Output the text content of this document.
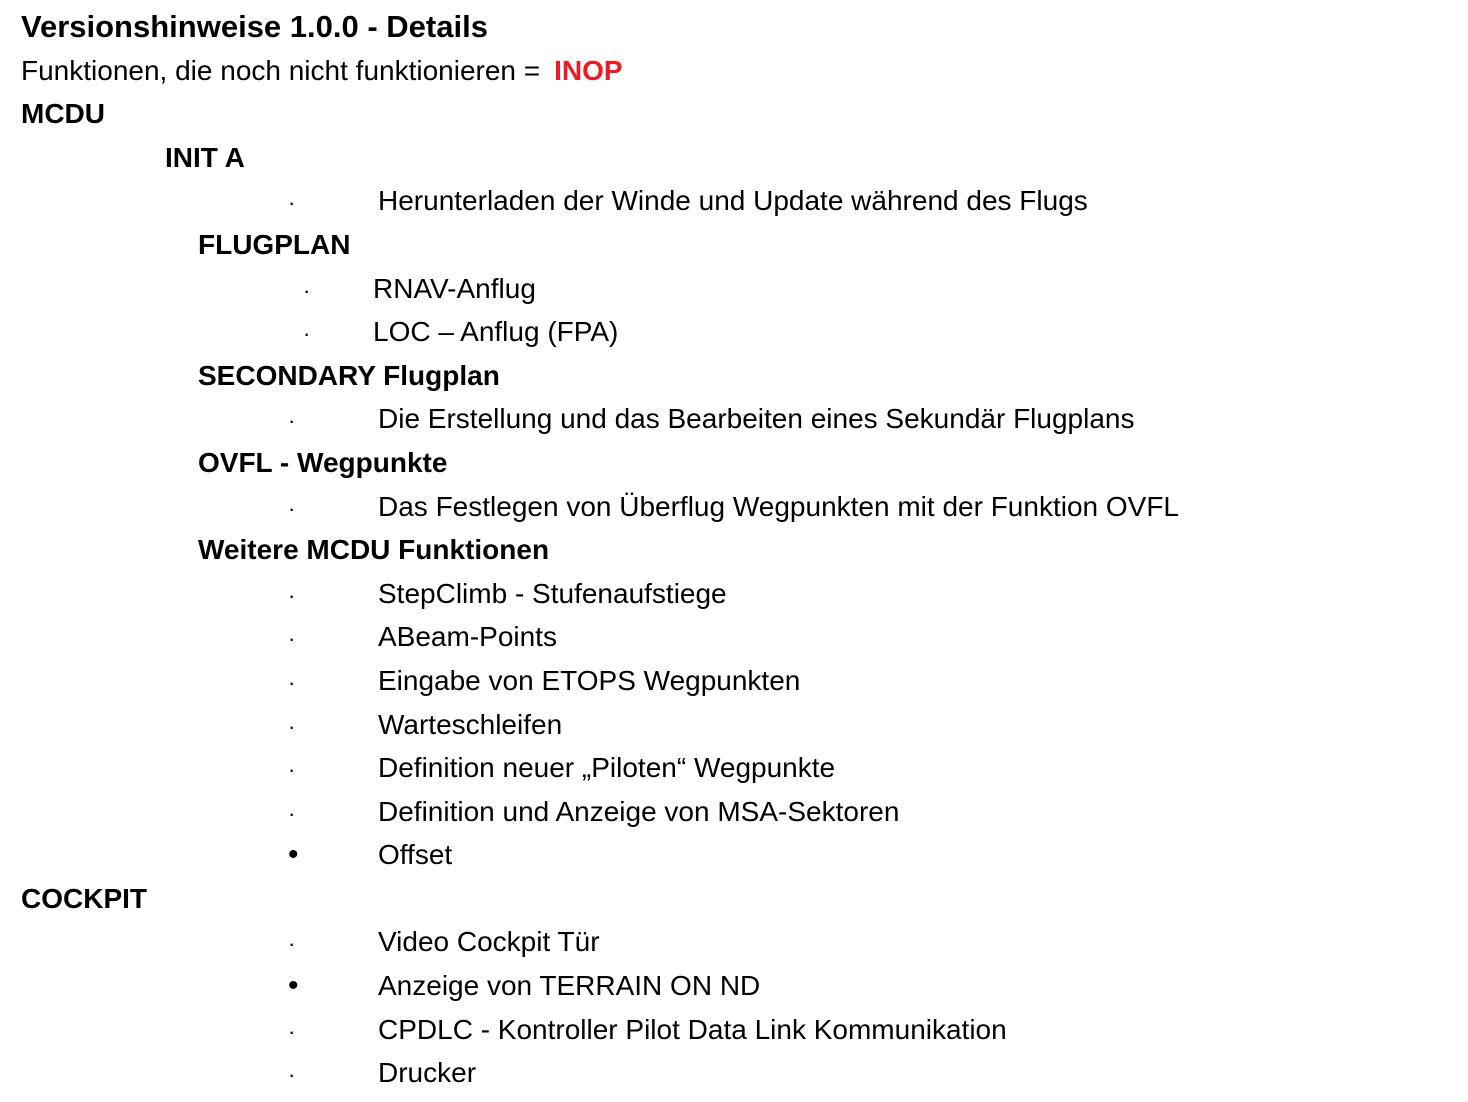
Versionshinweise 1.0.0 - Details
Funktionen, die noch nicht funktionieren = INOP
MCDU
INIT A
·	Herunterladen der Winde und Update während des Flugs
FLUGPLAN
· RNAV-Anflug
· LOC – Anflug (FPA)
SECONDARY Flugplan
·	Die Erstellung und das Bearbeiten eines Sekundär Flugplans
OVFL - Wegpunkte
·	Das Festlegen von Überflug Wegpunkten mit der Funktion OVFL
Weitere MCDU Funktionen
·	StepClimb - Stufenaufstiege
·	ABeam-Points
·	Eingabe von ETOPS Wegpunkten
·	Warteschleifen
·	Definition neuer „Piloten“ Wegpunkte
·	Definition und Anzeige von MSA-Sektoren
•	Offset
COCKPIT
·	Video Cockpit Tür
•	Anzeige von TERRAIN ON ND
·	CPDLC - Kontroller Pilot Data Link Kommunikation
·	Drucker
